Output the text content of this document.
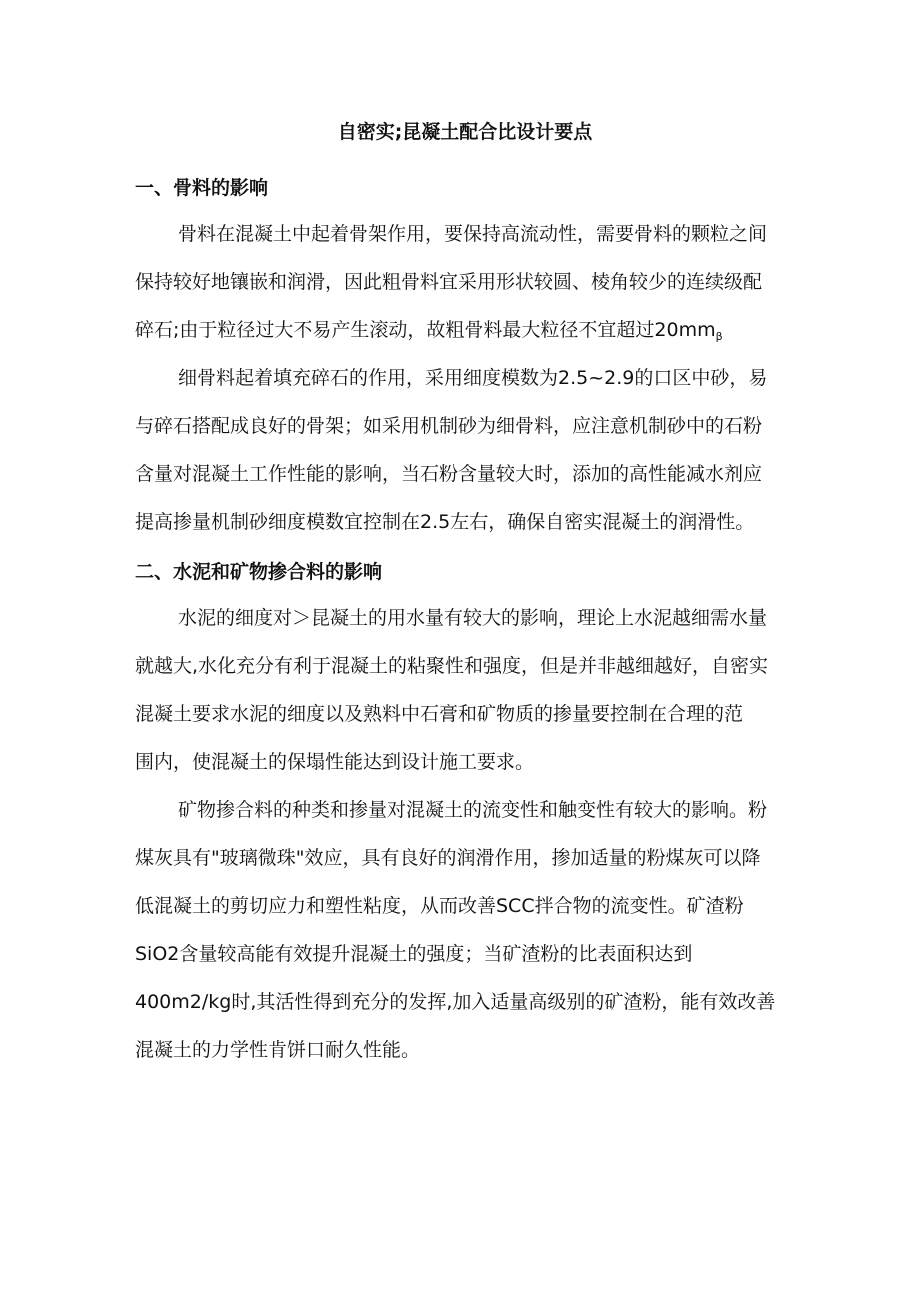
自密实;昆凝土配合比设计要点
一、骨料的影响
骨料在混凝土中起着骨架作用，要保持高流动性，需要骨料的颗粒之间
保持较好地镶嵌和润滑，因此粗骨料宜采用形状较圆、棱角较少的连续级配
碎石;由于粒径过大不易产生滚动，故粗骨料最大粒径不宜超过$20mm_\beta$
细骨料起着填充碎石的作用，采用细度模数为2.5~2.9的口区中砂，易
与碎石搭配成良好的骨架；如采用机制砂为细骨料，应注意机制砂中的石粉
含量对混凝土工作性能的影响，当石粉含量较大时，添加的高性能减水剂应
提高掺量机制砂细度模数宜控制在2.5左右，确保自密实混凝土的润滑性。
二、水泥和矿物掺合料的影响
水泥的细度对＞昆凝土的用水量有较大的影响，理论上水泥越细需水量
就越大,水化充分有利于混凝土的粘聚性和强度，但是并非越细越好，自密实
混凝土要求水泥的细度以及熟料中石膏和矿物质的掺量要控制在合理的范
围内，使混凝土的保塌性能达到设计施工要求。
矿物掺合料的种类和掺量对混凝土的流变性和触变性有较大的影响。粉
煤灰具有"玻璃微珠"效应，具有良好的润滑作用，掺加适量的粉煤灰可以降
低混凝土的剪切应力和塑性粘度，从而改善SCC拌合物的流变性。矿渣粉
SiO2含量较高能有效提升混凝土的强度；当矿渣粉的比表面积达到
400m2∕kg时,其活性得到充分的发挥,加入适量高级别的矿渣粉，能有效改善
混凝土的力学性肯饼口耐久性能。
